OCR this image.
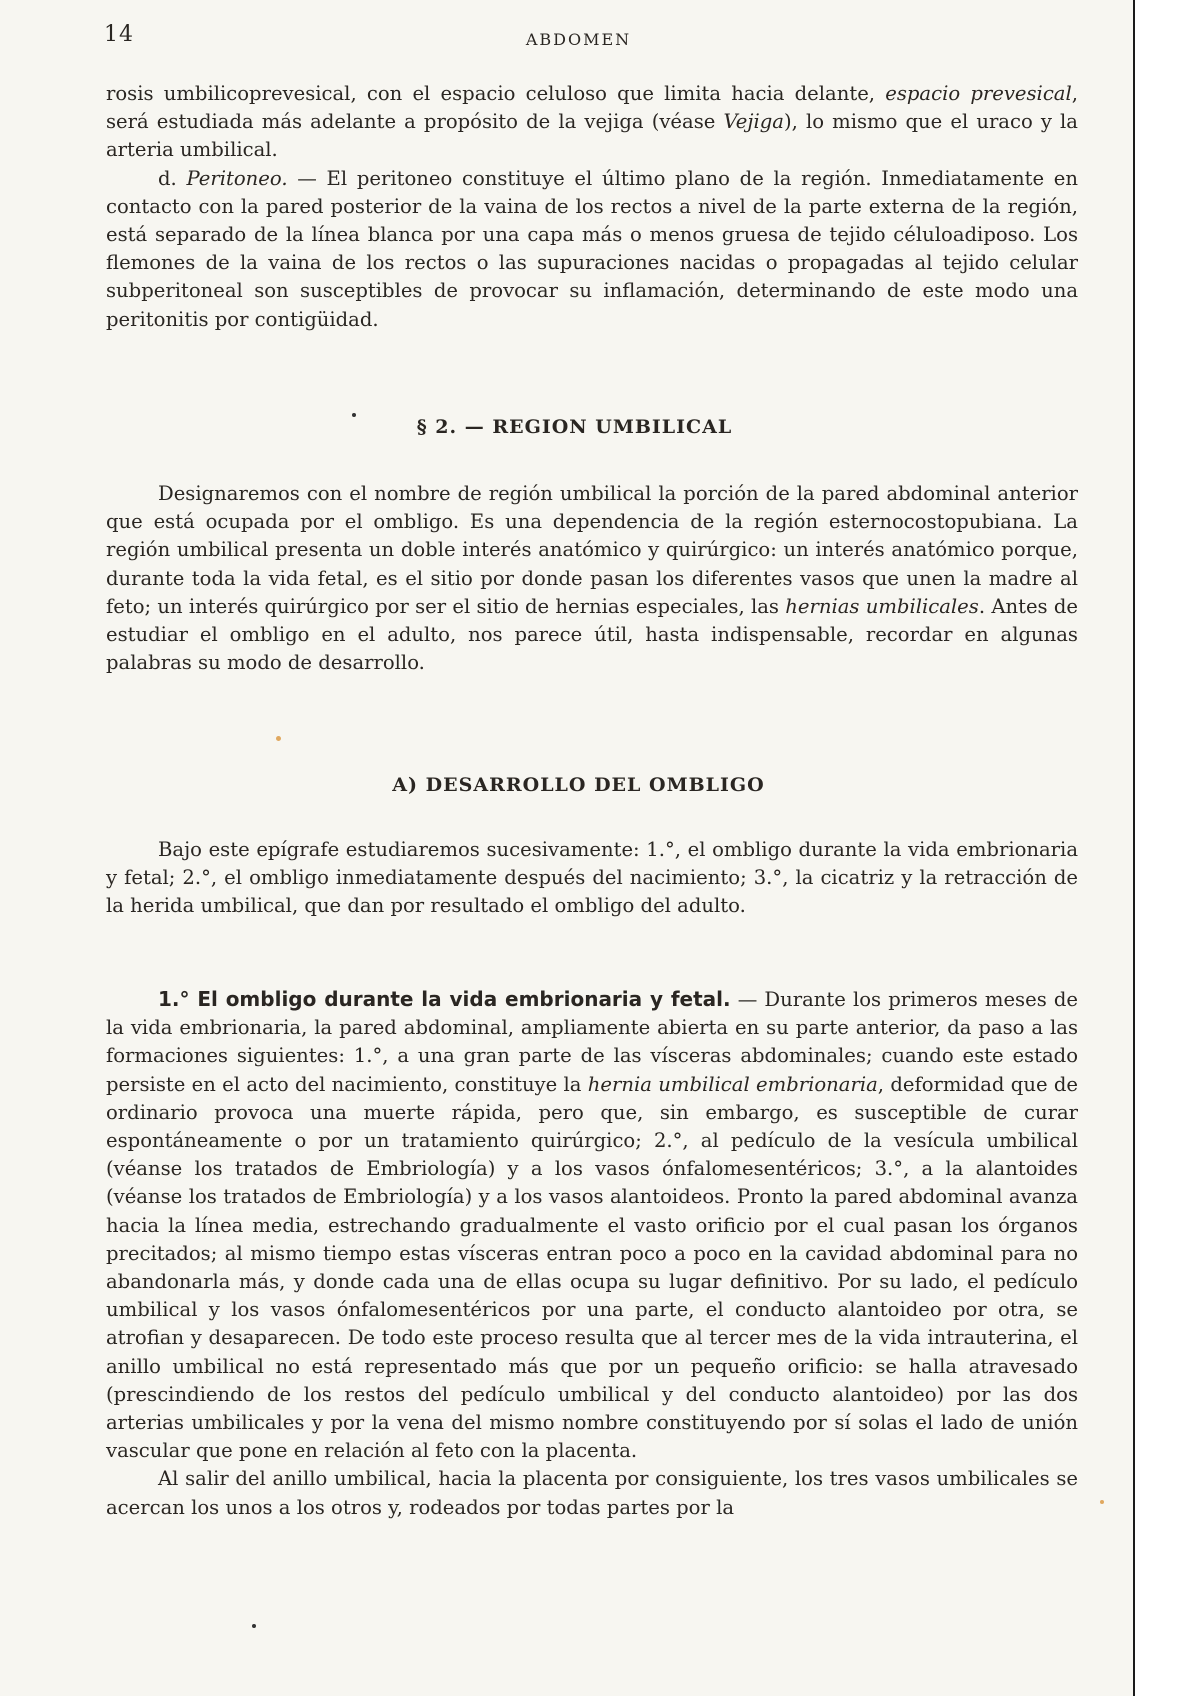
14	ABDOMEN

rosis umbilicoprevesical, con el espacio celuloso que limita hacia delante, espacio prevesical, será estudiada más adelante a propósito de la vejiga (véase Vejiga), lo mismo que el uraco y la arteria umbilical.

d. Peritoneo. — El peritoneo constituye el último plano de la región. Inmediatamente en contacto con la pared posterior de la vaina de los rectos a nivel de la parte externa de la región, está separado de la línea blanca por una capa más o menos gruesa de tejido céluloadiposo. Los flemones de la vaina de los rectos o las supuraciones nacidas o propagadas al tejido celular subperitoneal son susceptibles de provocar su inflamación, determinando de este modo una peritonitis por contigüidad.

§ 2. — REGION UMBILICAL

Designaremos con el nombre de región umbilical la porción de la pared abdominal anterior que está ocupada por el ombligo. Es una dependencia de la región esternocostopubiana. La región umbilical presenta un doble interés anatómico y quirúrgico: un interés anatómico porque, durante toda la vida fetal, es el sitio por donde pasan los diferentes vasos que unen la madre al feto; un interés quirúrgico por ser el sitio de hernias especiales, las hernias umbilicales. Antes de estudiar el ombligo en el adulto, nos parece útil, hasta indispensable, recordar en algunas palabras su modo de desarrollo.

A) DESARROLLO DEL OMBLIGO

Bajo este epígrafe estudiaremos sucesivamente: 1.°, el ombligo durante la vida embrionaria y fetal; 2.°, el ombligo inmediatamente después del nacimiento; 3.°, la cicatriz y la retracción de la herida umbilical, que dan por resultado el ombligo del adulto.

1.° El ombligo durante la vida embrionaria y fetal. — Durante los primeros meses de la vida embrionaria, la pared abdominal, ampliamente abierta en su parte anterior, da paso a las formaciones siguientes: 1.°, a una gran parte de las vísceras abdominales; cuando este estado persiste en el acto del nacimiento, constituye la hernia umbilical embrionaria, deformidad que de ordinario provoca una muerte rápida, pero que, sin embargo, es susceptible de curar espontáneamente o por un tratamiento quirúrgico; 2.°, al pedículo de la vesícula umbilical (véanse los tratados de Embriología) y a los vasos ónfalomesentéricos; 3.°, a la alantoides (véanse los tratados de Embriología) y a los vasos alantoideos. Pronto la pared abdominal avanza hacia la línea media, estrechando gradualmente el vasto orificio por el cual pasan los órganos precitados; al mismo tiempo estas vísceras entran poco a poco en la cavidad abdominal para no abandonarla más, y donde cada una de ellas ocupa su lugar definitivo. Por su lado, el pedículo umbilical y los vasos ónfalomesentéricos por una parte, el conducto alantoideo por otra, se atrofian y desaparecen. De todo este proceso resulta que al tercer mes de la vida intrauterina, el anillo umbilical no está representado más que por un pequeño orificio: se halla atravesado (prescindiendo de los restos del pedículo umbilical y del conducto alantoideo) por las dos arterias umbilicales y por la vena del mismo nombre constituyendo por sí solas el lado de unión vascular que pone en relación al feto con la placenta.

Al salir del anillo umbilical, hacia la placenta por consiguiente, los tres vasos umbilicales se acercan los unos a los otros y, rodeados por todas partes por la
